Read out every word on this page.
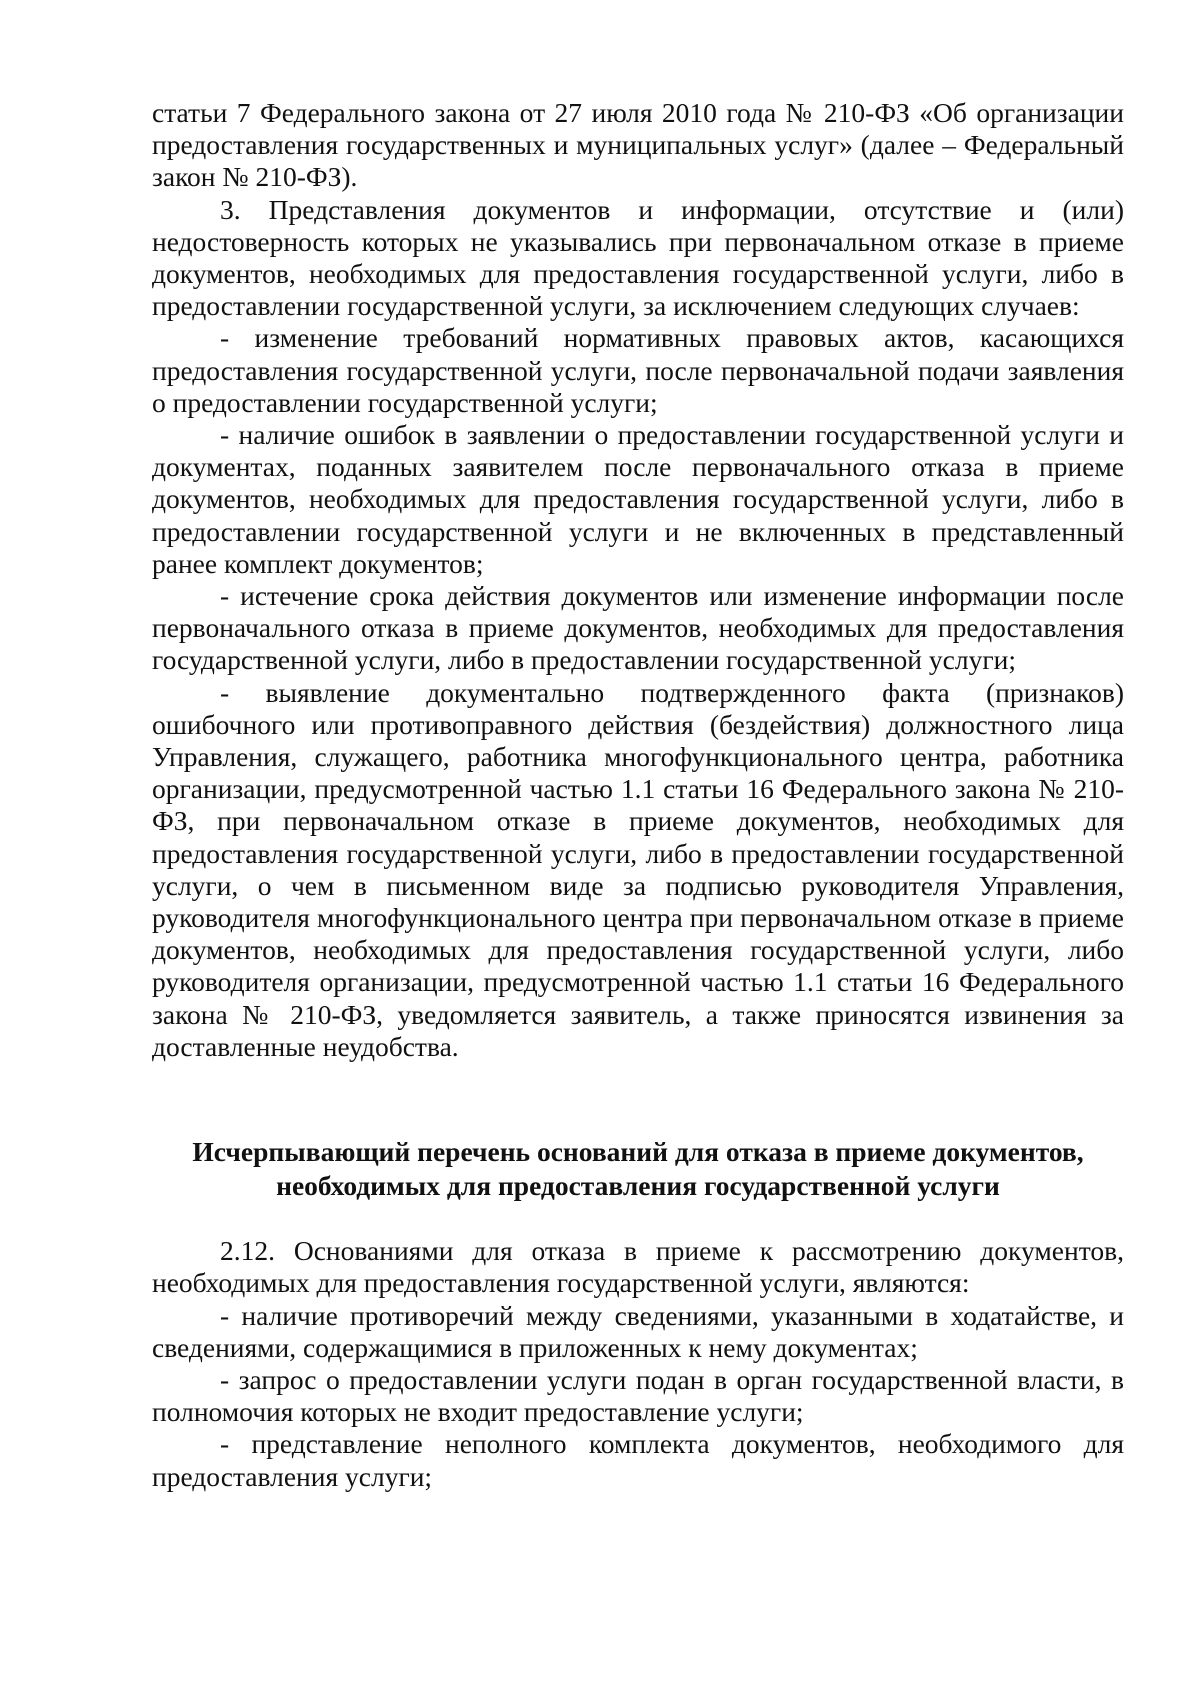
статьи 7 Федерального закона от 27 июля 2010 года № 210-ФЗ «Об организации предоставления государственных и муниципальных услуг» (далее – Федеральный закон № 210-ФЗ).

3. Представления документов и информации, отсутствие и (или) недостоверность которых не указывались при первоначальном отказе в приеме документов, необходимых для предоставления государственной услуги, либо в предоставлении государственной услуги, за исключением следующих случаев:

- изменение требований нормативных правовых актов, касающихся предоставления государственной услуги, после первоначальной подачи заявления о предоставлении государственной услуги;

- наличие ошибок в заявлении о предоставлении государственной услуги и документах, поданных заявителем после первоначального отказа в приеме документов, необходимых для предоставления государственной услуги, либо в предоставлении государственной услуги и не включенных в представленный ранее комплект документов;

- истечение срока действия документов или изменение информации после первоначального отказа в приеме документов, необходимых для предоставления государственной услуги, либо в предоставлении государственной услуги;

- выявление документально подтвержденного факта (признаков) ошибочного или противоправного действия (бездействия) должностного лица Управления, служащего, работника многофункционального центра, работника организации, предусмотренной частью 1.1 статьи 16 Федерального закона № 210-ФЗ, при первоначальном отказе в приеме документов, необходимых для предоставления государственной услуги, либо в предоставлении государственной услуги, о чем в письменном виде за подписью руководителя Управления, руководителя многофункционального центра при первоначальном отказе в приеме документов, необходимых для предоставления государственной услуги, либо руководителя организации, предусмотренной частью 1.1 статьи 16 Федерального закона № 210-ФЗ, уведомляется заявитель, а также приносятся извинения за доставленные неудобства.

Исчерпывающий перечень оснований для отказа в приеме документов,
необходимых для предоставления государственной услуги

2.12. Основаниями для отказа в приеме к рассмотрению документов, необходимых для предоставления государственной услуги, являются:

- наличие противоречий между сведениями, указанными в ходатайстве, и сведениями, содержащимися в приложенных к нему документах;

- запрос о предоставлении услуги подан в орган государственной власти, в полномочия которых не входит предоставление услуги;

- представление неполного комплекта документов, необходимого для предоставления услуги;
